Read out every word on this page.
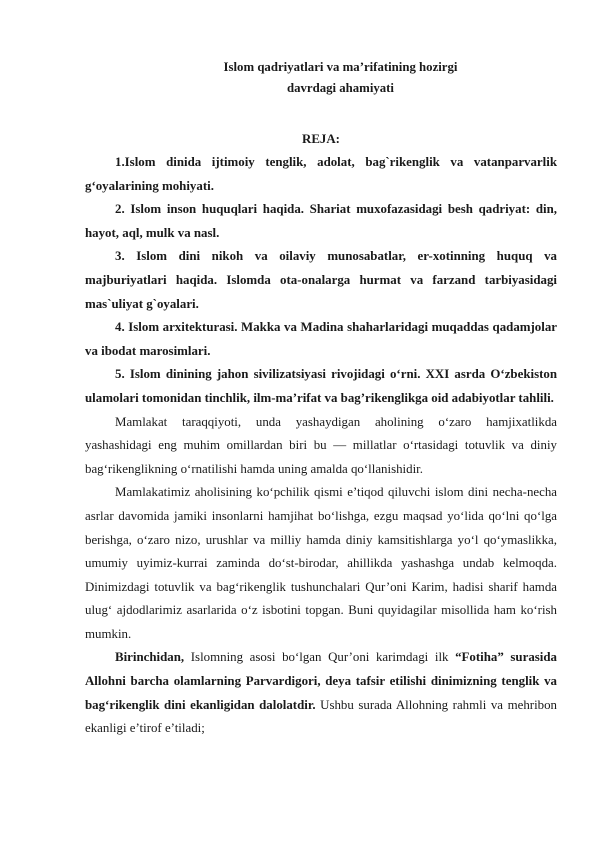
Islom qadriyatlari va maʼrifatining hozirgi
davrdagi ahamiyati
REJA:

1.Islom dinida ijtimoiy tenglik, adolat, bag`rikenglik va vatanparvarlik g‘oyalarining mohiyati.

2. Islom inson huquqlari haqida. Shariat muxofazasidagi besh qadriyat: din, hayot, aql, mulk va nasl.

3. Islom dini nikoh va oilaviy munosabatlar, er-xotinning huquq va majburiyatlari haqida. Islomda ota-onalarga hurmat va farzand tarbiyasidagi mas`uliyat g`oyalari.

4. Islom arxitekturasi. Makka va Madina shaharlaridagi muqaddas qadamjolar va ibodat marosimlari.

5. Islom dinining jahon sivilizatsiyasi rivojidagi o‘rni. XXI asrda O‘zbekiston ulamolari tomonidan tinchlik, ilm-ma’rifat va bag’rikenglikga oid adabiyotlar tahlili.

Mamlakat taraqqiyoti, unda yashaydigan aholining o‘zaro hamjixatlikda yashashidagi eng muhim omillardan biri bu — millatlar o‘rtasidagi totuvlik va diniy bag‘rikenglikning o‘rnatilishi hamda uning amalda qo‘llanishidir.

Mamlakatimiz aholisining ko‘pchilik qismi e’tiqod qiluvchi islom dini necha-necha asrlar davomida jamiki insonlarni hamjihat bo‘lishga, ezgu maqsad yo‘lida qo‘lni qo‘lga berishga, o‘zaro nizo, urushlar va milliy hamda diniy kamsitishlarga yo‘l qo‘ymaslikka, umumiy uyimiz-kurrai zaminda do‘st-birodar, ahillikda yashashga undab kelmoqda. Dinimizdagi totuvlik va bag‘rikenglik tushunchalari Qur’oni Karim, hadisi sharif hamda ulug‘ ajdodlarimiz asarlarida o‘z isbotini topgan. Buni quyidagilar misollida ham ko‘rish mumkin.

Birinchidan, Islomning asosi bo‘lgan Qur’oni karimdagi ilk “Fotiha” surasida Allohni barcha olamlarning Parvardigori, deya tafsir etilishi dinimizning tenglik va bag‘rikenglik dini ekanligidan dalolatdir. Ushbu surada Allohning rahmli va mehribon ekanligi e’tirof e’tiladi;
